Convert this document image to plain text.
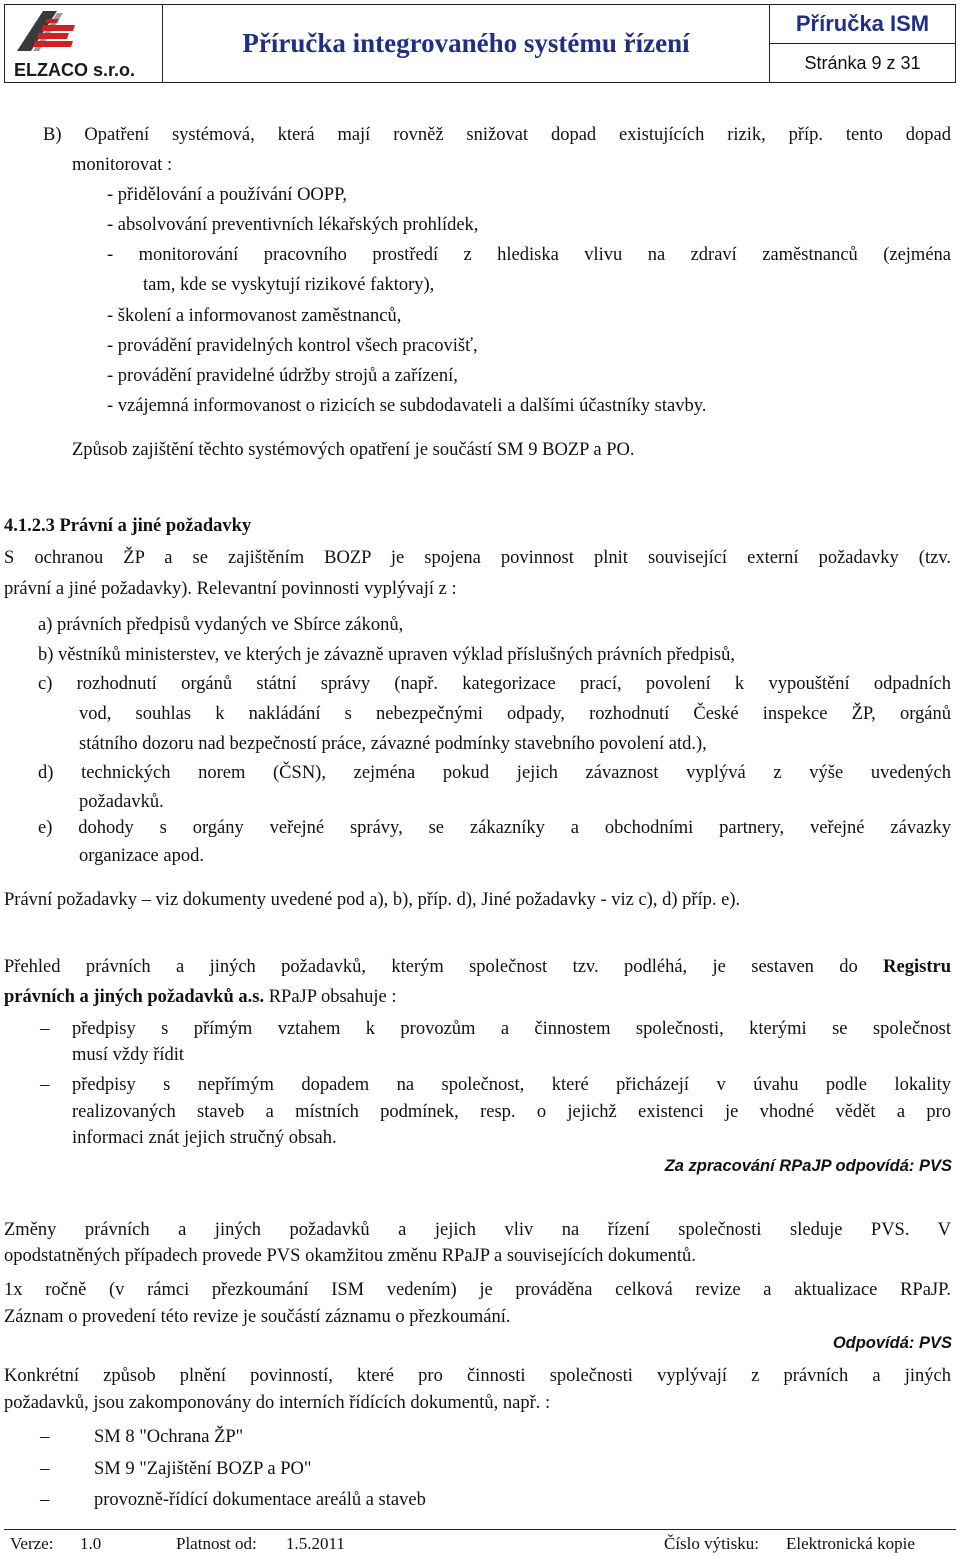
ELZACO s.r.o.
	Příručka integrovaného systému řízení	
Příručka ISM
Stránka 9 z 31
B) Opatření systémová, která mají rovněž snižovat dopad existujících rizik, příp. tento dopad
monitorovat :
- přidělování a používání OOPP,
- absolvování preventivních lékařských prohlídek,
- monitorování pracovního prostředí z hlediska vlivu na zdraví zaměstnanců (zejména
tam, kde se vyskytují rizikové faktory),
- školení a informovanost zaměstnanců,
- provádění pravidelných kontrol všech pracovišť,
- provádění pravidelné údržby strojů a zařízení,
- vzájemná informovanost o rizicích se subdodavateli a dalšími účastníky stavby.
Způsob zajištění těchto systémových opatření je součástí SM 9 BOZP a PO.
4.1.2.3 Právní a jiné požadavky
S ochranou ŽP a se zajištěním BOZP je spojena povinnost plnit související externí požadavky (tzv.
právní a jiné požadavky). Relevantní povinnosti vyplývají z :
a) právních předpisů vydaných ve Sbírce zákonů,
b) věstníků ministerstev, ve kterých je závazně upraven výklad příslušných právních předpisů,
c) rozhodnutí orgánů státní správy (např. kategorizace prací, povolení k vypouštění odpadních
vod, souhlas k nakládání s nebezpečnými odpady, rozhodnutí České inspekce ŽP, orgánů
státního dozoru nad bezpečností práce, závazné podmínky stavebního povolení atd.),
d) technických norem (ČSN), zejména pokud jejich závaznost vyplývá z výše uvedených
požadavků.
e) dohody s orgány veřejné správy, se zákazníky a obchodními partnery, veřejné závazky
organizace apod.
Právní požadavky – viz dokumenty uvedené pod a), b), příp. d), Jiné požadavky - viz c), d) příp. e).
Přehled právních a jiných požadavků, kterým společnost tzv. podléhá, je sestaven do Registru
právních a jiných požadavků a.s. RPaJP obsahuje :
– předpisy s přímým vztahem k provozům a činnostem společnosti, kterými se společnost
musí vždy řídit
– předpisy s nepřímým dopadem na společnost, které přicházejí v úvahu podle lokality
realizovaných staveb a místních podmínek, resp. o jejichž existenci je vhodné vědět a pro
informaci znát jejich stručný obsah.
Za zpracování RPaJP odpovídá: PVS
Změny právních a jiných požadavků a jejich vliv na řízení společnosti sleduje PVS. V
opodstatněných případech provede PVS okamžitou změnu RPaJP a souvisejících dokumentů.
1x ročně (v rámci přezkoumání ISM vedením) je prováděna celková revize a aktualizace RPaJP.
Záznam o provedení této revize je součástí záznamu o přezkoumání.
Odpovídá: PVS
Konkrétní způsob plnění povinností, které pro činnosti společnosti vyplývají z právních a jiných
požadavků, jsou zakomponovány do interních řídících dokumentů, např. :
– SM 8 "Ochrana ŽP"
– SM 9 "Zajištění BOZP a PO"
– provozně-řídící dokumentace areálů a staveb
Verze: 1.0	Platnost od: 1.5.2011	Číslo výtisku: Elektronická kopie
